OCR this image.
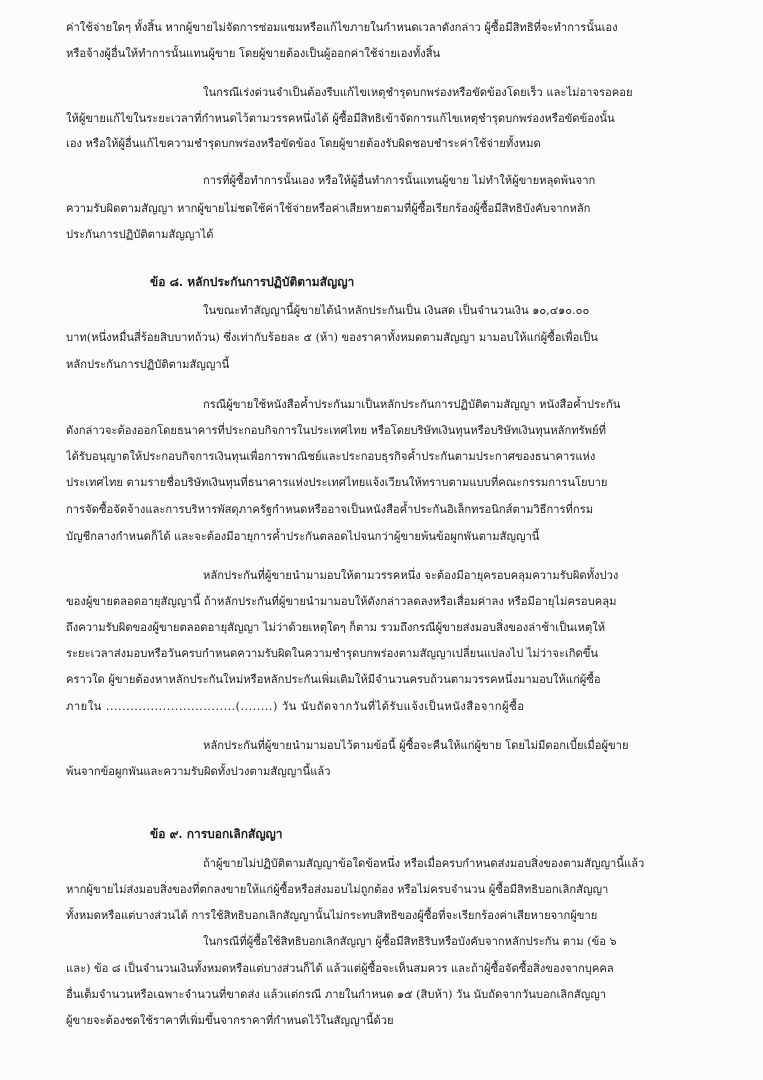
ค่าใช้จ่ายใดๆ ทั้งสิ้น หากผู้ขายไม่จัดการซ่อมแซมหรือแก้ไขภายในกำหนดเวลาดังกล่าว ผู้ซื้อมีสิทธิที่จะทำการนั้นเอง
หรือจ้างผู้อื่นให้ทำการนั้นแทนผู้ขาย โดยผู้ขายต้องเป็นผู้ออกค่าใช้จ่ายเองทั้งสิ้น
ในกรณีเร่งด่วนจำเป็นต้องรีบแก้ไขเหตุชำรุดบกพร่องหรือขัดข้องโดยเร็ว และไม่อาจรอคอย
ให้ผู้ขายแก้ไขในระยะเวลาที่กำหนดไว้ตามวรรคหนึ่งได้ ผู้ซื้อมีสิทธิเข้าจัดการแก้ไขเหตุชำรุดบกพร่องหรือขัดข้องนั้น
เอง หรือให้ผู้อื่นแก้ไขความชำรุดบกพร่องหรือขัดข้อง โดยผู้ขายต้องรับผิดชอบชำระค่าใช้จ่ายทั้งหมด
การที่ผู้ซื้อทำการนั้นเอง หรือให้ผู้อื่นทำการนั้นแทนผู้ขาย ไม่ทำให้ผู้ขายหลุดพ้นจาก
ความรับผิดตามสัญญา หากผู้ขายไม่ชดใช้ค่าใช้จ่ายหรือค่าเสียหายตามที่ผู้ซื้อเรียกร้องผู้ซื้อมีสิทธิบังคับจากหลัก
ประกันการปฏิบัติตามสัญญาได้
ข้อ ๘. หลักประกันการปฏิบัติตามสัญญา
ในขณะทำสัญญานี้ผู้ขายได้นำหลักประกันเป็น เงินสด เป็นจำนวนเงิน ๑๐,๔๑๐.๐๐
บาท(หนึ่งหมื่นสี่ร้อยสิบบาทถ้วน) ซึ่งเท่ากับร้อยละ ๕ (ห้า) ของราคาทั้งหมดตามสัญญา มามอบให้แก่ผู้ซื้อเพื่อเป็น
หลักประกันการปฏิบัติตามสัญญานี้
กรณีผู้ขายใช้หนังสือค้ำประกันมาเป็นหลักประกันการปฏิบัติตามสัญญา หนังสือค้ำประกัน
ดังกล่าวจะต้องออกโดยธนาคารที่ประกอบกิจการในประเทศไทย หรือโดยบริษัทเงินทุนหรือบริษัทเงินทุนหลักทรัพย์ที่
ได้รับอนุญาตให้ประกอบกิจการเงินทุนเพื่อการพาณิชย์และประกอบธุรกิจค้ำประกันตามประกาศของธนาคารแห่ง
ประเทศไทย ตามรายชื่อบริษัทเงินทุนที่ธนาคารแห่งประเทศไทยแจ้งเวียนให้ทราบตามแบบที่คณะกรรมการนโยบาย
การจัดซื้อจัดจ้างและการบริหารพัสดุภาครัฐกำหนดหรืออาจเป็นหนังสือค้ำประกันอิเล็กทรอนิกส์ตามวิธีการที่กรม
บัญชีกลางกำหนดก็ได้ และจะต้องมีอายุการค้ำประกันตลอดไปจนกว่าผู้ขายพ้นข้อผูกพันตามสัญญานี้
หลักประกันที่ผู้ขายนำมามอบให้ตามวรรคหนึ่ง จะต้องมีอายุครอบคลุมความรับผิดทั้งปวง
ของผู้ขายตลอดอายุสัญญานี้ ถ้าหลักประกันที่ผู้ขายนำมามอบให้ดังกล่าวลดลงหรือเสื่อมค่าลง หรือมีอายุไม่ครอบคลุม
ถึงความรับผิดของผู้ขายตลอดอายุสัญญา ไม่ว่าด้วยเหตุใดๆ ก็ตาม รวมถึงกรณีผู้ขายส่งมอบสิ่งของล่าช้าเป็นเหตุให้
ระยะเวลาส่งมอบหรือวันครบกำหนดความรับผิดในความชำรุดบกพร่องตามสัญญาเปลี่ยนแปลงไป ไม่ว่าจะเกิดขึ้น
คราวใด ผู้ขายต้องหาหลักประกันใหม่หรือหลักประกันเพิ่มเติมให้มีจำนวนครบถ้วนตามวรรคหนึ่งมามอบให้แก่ผู้ซื้อ
ภายใน ................................(........) วัน นับถัดจากวันที่ได้รับแจ้งเป็นหนังสือจากผู้ซื้อ
หลักประกันที่ผู้ขายนำมามอบไว้ตามข้อนี้ ผู้ซื้อจะคืนให้แก่ผู้ขาย โดยไม่มีดอกเบี้ยเมื่อผู้ขาย
พ้นจากข้อผูกพันและความรับผิดทั้งปวงตามสัญญานี้แล้ว
ข้อ ๙. การบอกเลิกสัญญา
ถ้าผู้ขายไม่ปฏิบัติตามสัญญาข้อใดข้อหนึ่ง หรือเมื่อครบกำหนดส่งมอบสิ่งของตามสัญญานี้แล้ว
หากผู้ขายไม่ส่งมอบสิ่งของที่ตกลงขายให้แก่ผู้ซื้อหรือส่งมอบไม่ถูกต้อง หรือไม่ครบจำนวน ผู้ซื้อมีสิทธิบอกเลิกสัญญา
ทั้งหมดหรือแต่บางส่วนได้ การใช้สิทธิบอกเลิกสัญญานั้นไม่กระทบสิทธิของผู้ซื้อที่จะเรียกร้องค่าเสียหายจากผู้ขาย
ในกรณีที่ผู้ซื้อใช้สิทธิบอกเลิกสัญญา ผู้ซื้อมีสิทธิริบหรือบังคับจากหลักประกัน ตาม (ข้อ ๖
และ) ข้อ ๘ เป็นจำนวนเงินทั้งหมดหรือแต่บางส่วนก็ได้ แล้วแต่ผู้ซื้อจะเห็นสมควร และถ้าผู้ซื้อจัดซื้อสิ่งของจากบุคคล
อื่นเต็มจำนวนหรือเฉพาะจำนวนที่ขาดส่ง แล้วแต่กรณี ภายในกำหนด ๑๕ (สิบห้า) วัน นับถัดจากวันบอกเลิกสัญญา
ผู้ขายจะต้องชดใช้ราคาที่เพิ่มขึ้นจากราคาที่กำหนดไว้ในสัญญานี้ด้วย
